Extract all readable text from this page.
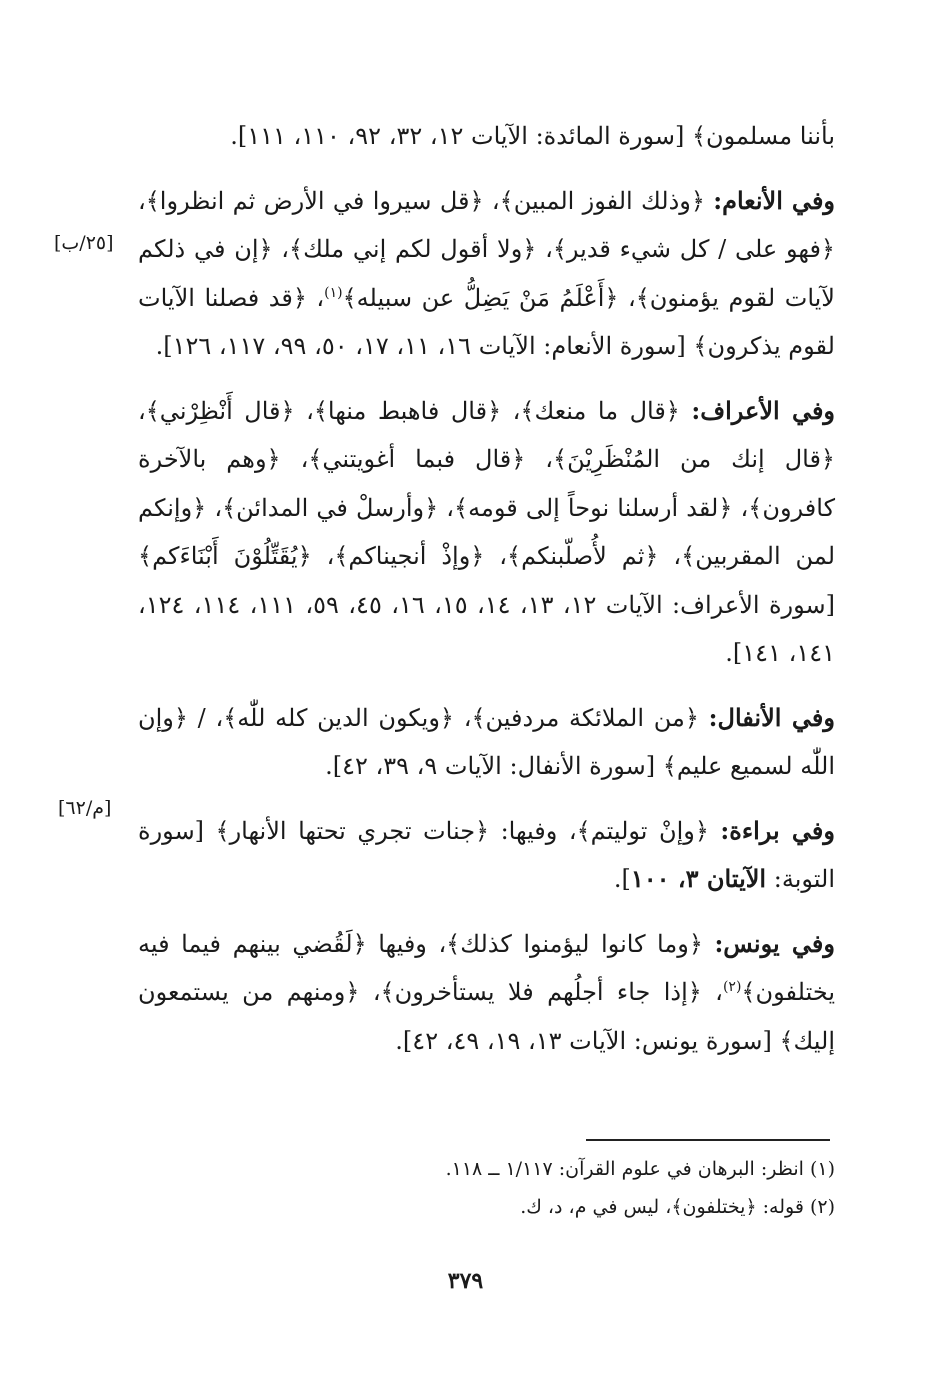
بأننا مسلمون﴾ [سورة المائدة: الآيات ١٢، ٣٢، ٩٢، ١١٠، ١١١].

وفي الأنعام: ﴿وذلك الفوز المبين﴾، ﴿قل سيروا في الأرض ثم انظروا﴾، ﴿فهو على / كل شيء قدير﴾، ﴿ولا أقول لكم إني ملك﴾، ﴿إن في ذلكم لآيات لقوم يؤمنون﴾، ﴿أَعْلَمُ مَنْ يَضِلُّ عن سبيله﴾$^{(١)}$، ﴿قد فصلنا الآيات لقوم يذكرون﴾ [سورة الأنعام: الآيات ١٦، ١١، ١٧، ٥٠، ٩٩، ١١٧، ١٢٦].

وفي الأعراف: ﴿قال ما منعك﴾، ﴿قال فاهبط منها﴾، ﴿قال أَنْظِرْني﴾، ﴿قال إنك من المُنْظَرِيْنَ﴾، ﴿قال فبما أغويتني﴾، ﴿وهم بالآخرة كافرون﴾، ﴿لقد أرسلنا نوحاً إلى قومه﴾، ﴿وأرسلْ في المدائن﴾، ﴿وإنكم لمن المقربين﴾، ﴿ثم لأُصلّبنكم﴾، ﴿وإذْ أنجيناكم﴾، ﴿يُقَتِّلُوْنَ أَبْنَاءَكم﴾ [سورة الأعراف: الآيات ١٢، ١٣، ١٤، ١٥، ١٦، ٤٥، ٥٩، ١١١، ١١٤، ١٢٤، ١٤١، ١٤١].

وفي الأنفال: ﴿من الملائكة مردفين﴾، ﴿ويكون الدين كله للّٰه﴾، / ﴿وإن اللّٰه لسميع عليم﴾ [سورة الأنفال: الآيات ٩، ٣٩، ٤٢].

وفي براءة: ﴿وإنْ توليتم﴾، وفيها: ﴿جنات تجري تحتها الأنهار﴾ [سورة التوبة: الآيتان ٣، ١٠٠].

وفي يونس: ﴿وما كانوا ليؤمنوا كذلك﴾، وفيها ﴿لَقُضي بينهم فيما فيه يختلفون﴾$^{(٢)}$، ﴿إذا جاء أجلُهم فلا يستأخرون﴾، ﴿ومنهم من يستمعون إليك﴾ [سورة يونس: الآيات ١٣، ١٩، ٤٩، ٤٢].

[٢٥/ب]
[م/٦٢]
(١) انظر: البرهان في علوم القرآن: ١/١١٧ ــ ١١٨.
(٢) قوله: ﴿يختلفون﴾، ليس في م، د، ك.
٣٧٩
